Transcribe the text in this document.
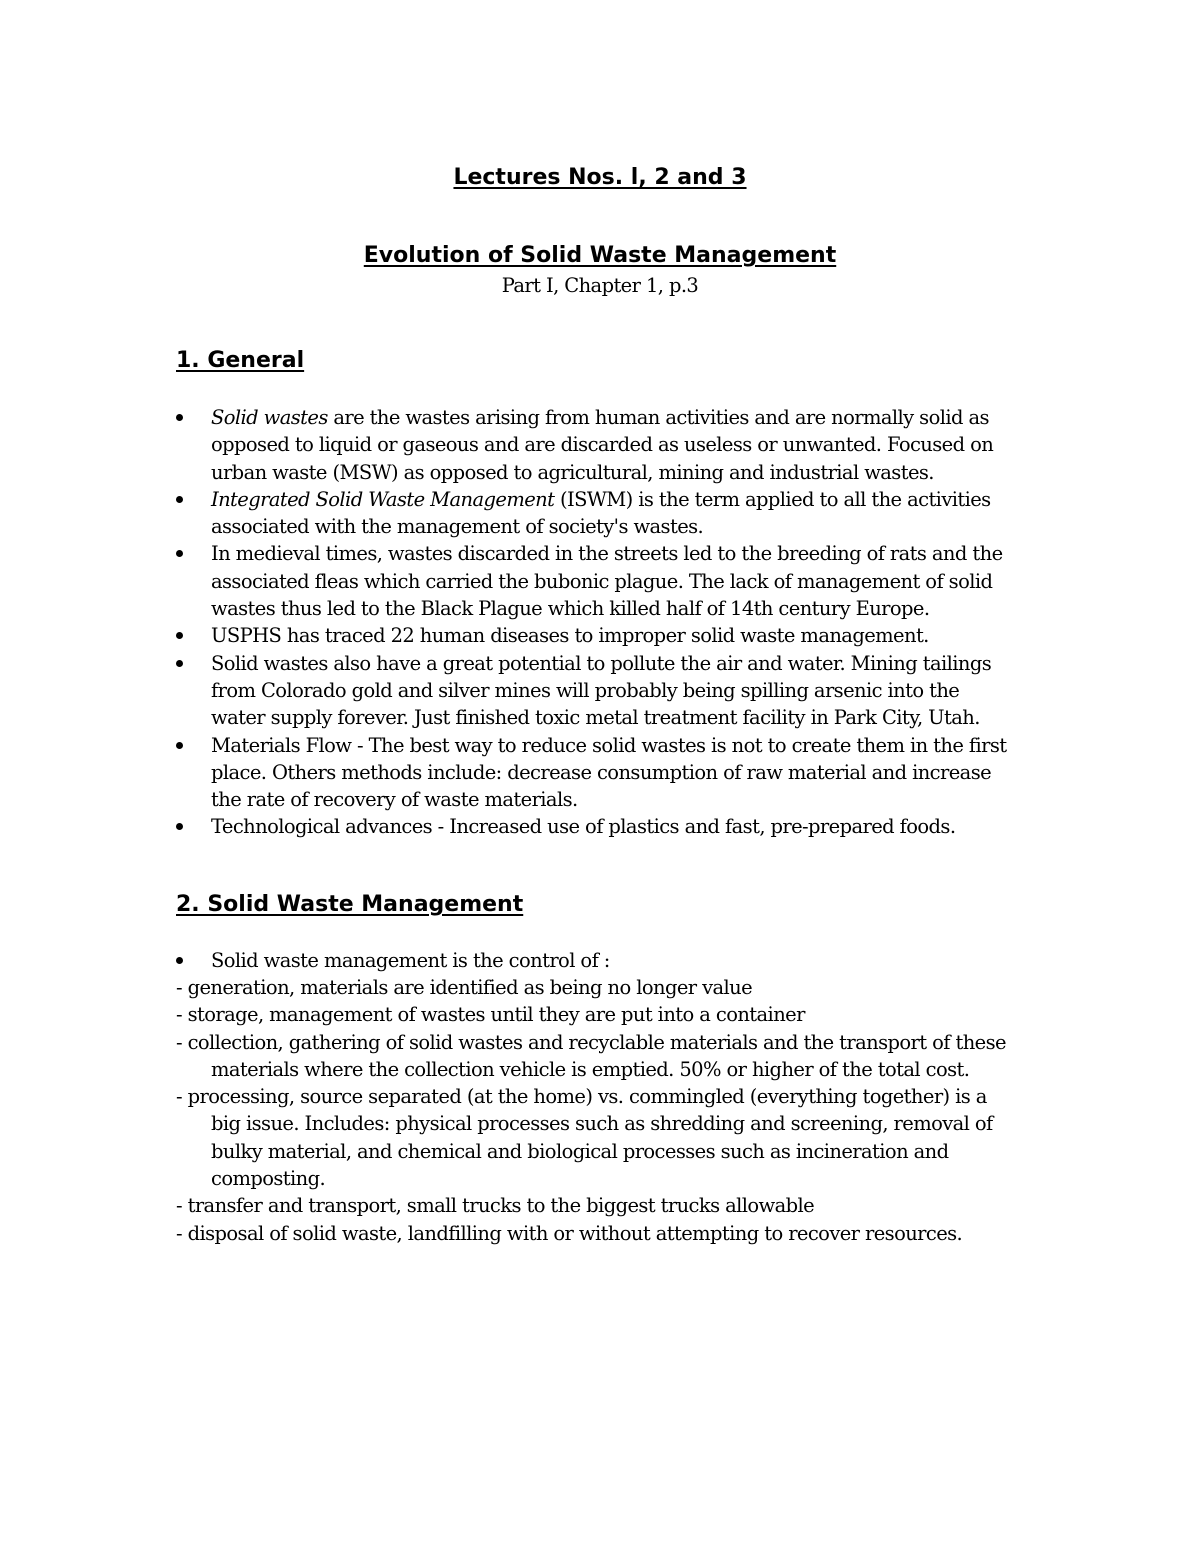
Lectures Nos. l, 2 and 3
Evolution of Solid Waste Management
Part I, Chapter 1, p.3
1. General
Solid wastes are the wastes arising from human activities and are normally solid as
opposed to liquid or gaseous and are discarded as useless or unwanted. Focused on
urban waste (MSW) as opposed to agricultural, mining and industrial wastes.
Integrated Solid Waste Management (ISWM) is the term applied to all the activities
associated with the management of society's wastes.
In medieval times, wastes discarded in the streets led to the breeding of rats and the
associated fleas which carried the bubonic plague. The lack of management of solid
wastes thus led to the Black Plague which killed half of 14th century Europe.
USPHS has traced 22 human diseases to improper solid waste management.
Solid wastes also have a great potential to pollute the air and water. Mining tailings
from Colorado gold and silver mines will probably being spilling arsenic into the
water supply forever. Just finished toxic metal treatment facility in Park City, Utah.
Materials Flow - The best way to reduce solid wastes is not to create them in the first
place. Others methods include: decrease consumption of raw material and increase
the rate of recovery of waste materials.
Technological advances - Increased use of plastics and fast, pre-prepared foods.
2. Solid Waste Management
Solid waste management is the control of :
- generation, materials are identified as being no longer value
- storage, management of wastes until they are put into a container
- collection, gathering of solid wastes and recyclable materials and the transport of these
materials where the collection vehicle is emptied. 50% or higher of the total cost.
- processing, source separated (at the home) vs. commingled (everything together) is a
big issue. Includes: physical processes such as shredding and screening, removal of
bulky material, and chemical and biological processes such as incineration and
composting.
- transfer and transport, small trucks to the biggest trucks allowable
- disposal of solid waste, landfilling with or without attempting to recover resources.
